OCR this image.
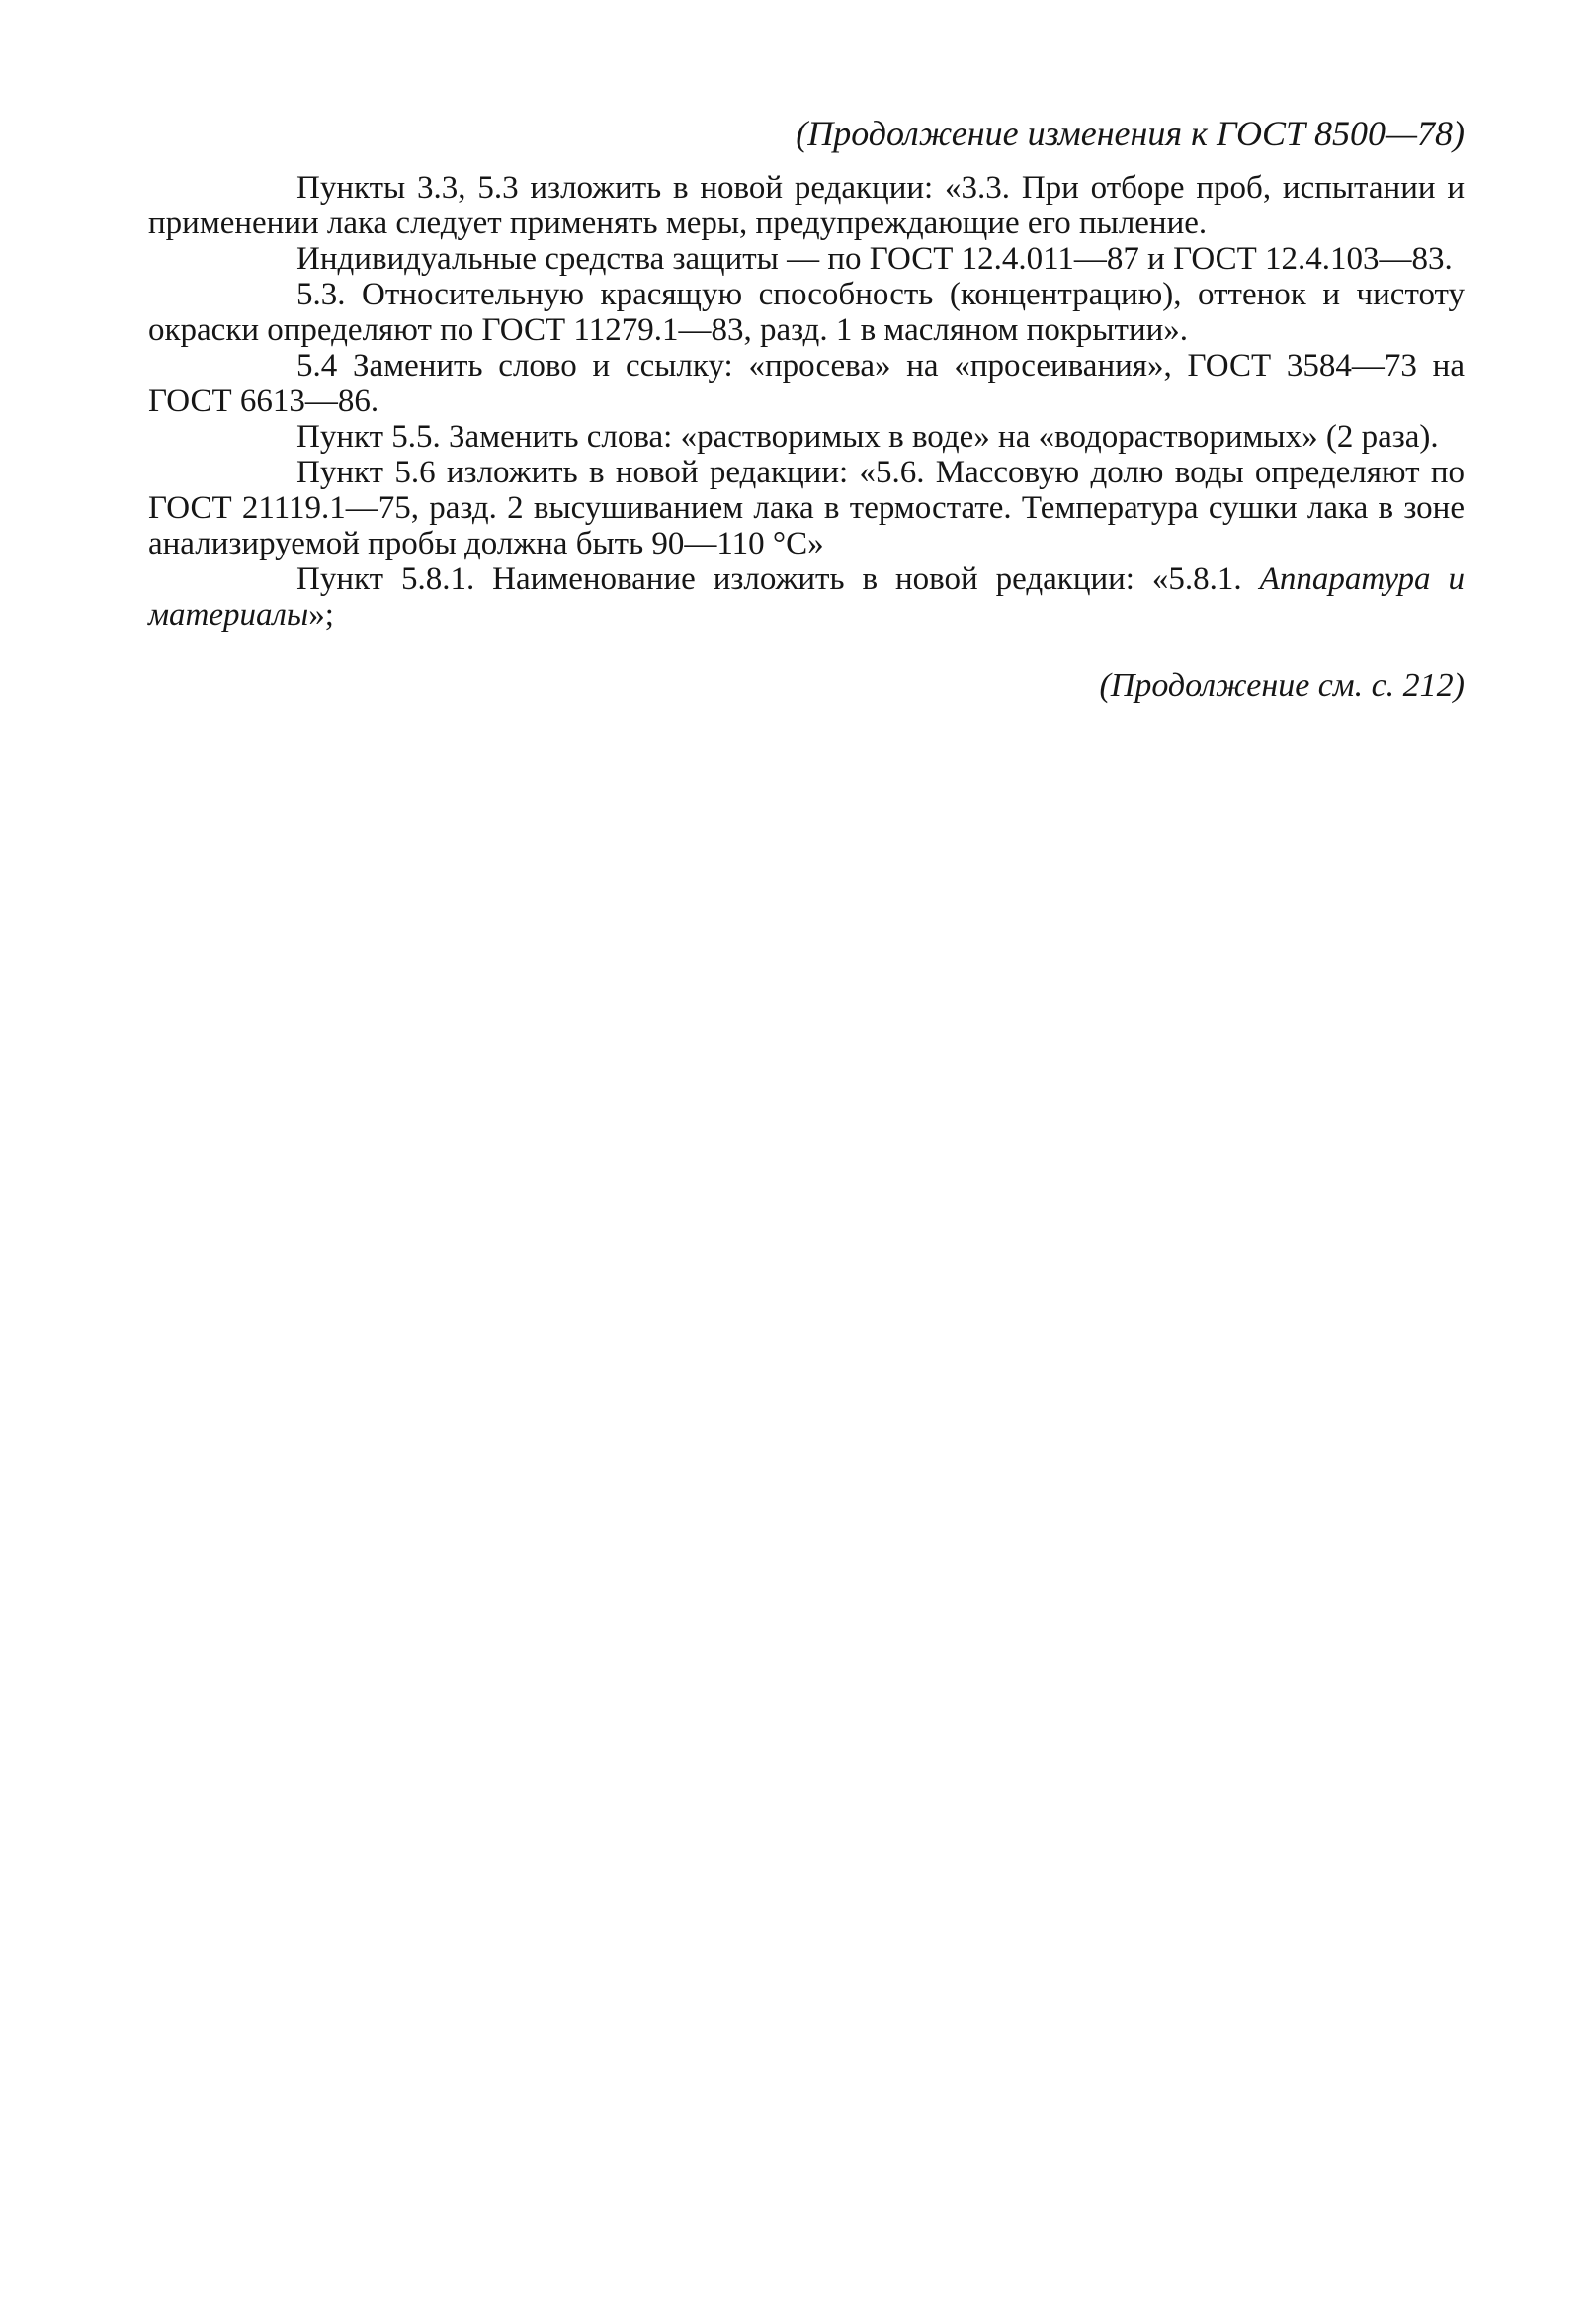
(Продолжение изменения к ГОСТ 8500—78)

Пункты 3.3, 5.3 изложить в новой редакции: «3.3. При отборе проб, испытании и применении лака следует применять меры, предупреждающие его пыление.

Индивидуальные средства защиты — по ГОСТ 12.4.011—87 и ГОСТ 12.4.103—83.

5.3. Относительную красящую способность (концентрацию), оттенок и чистоту окраски определяют по ГОСТ 11279.1—83, разд. 1 в масляном покрытии».

5.4 Заменить слово и ссылку: «просева» на «просеивания», ГОСТ 3584—73 на ГОСТ 6613—86.

Пункт 5.5. Заменить слова: «растворимых в воде» на «водорастворимых» (2 раза).

Пункт 5.6 изложить в новой редакции: «5.6. Массовую долю воды определяют по ГОСТ 21119.1—75, разд. 2 высушиванием лака в термостате. Температура сушки лака в зоне анализируемой пробы должна быть 90—110 °С»

Пункт 5.8.1. Наименование изложить в новой редакции: «5.8.1. Аппаратура и материалы»;

(Продолжение см. с. 212)
